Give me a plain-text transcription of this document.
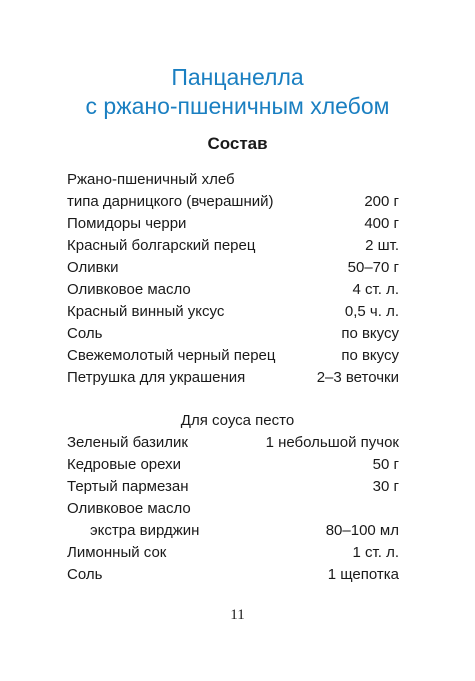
Панцанелла
с ржано-пшеничным хлебом
Состав
Ржано-пшеничный хлеб
типа дарницкого (вчерашний)	200 г
Помидоры черри	400 г
Красный болгарский перец	2 шт.
Оливки	50–70 г
Оливковое масло	4 ст. л.
Красный винный уксус	0,5 ч. л.
Соль	по вкусу
Свежемолотый черный перец	по вкусу
Петрушка для украшения	2–3 веточки
Для соуса песто
Зеленый базилик	1 небольшой пучок
Кедровые орехи	50 г
Тертый пармезан	30 г
Оливковое масло
экстра вирджин	80–100 мл
Лимонный сок	1 ст. л.
Соль	1 щепотка
11
